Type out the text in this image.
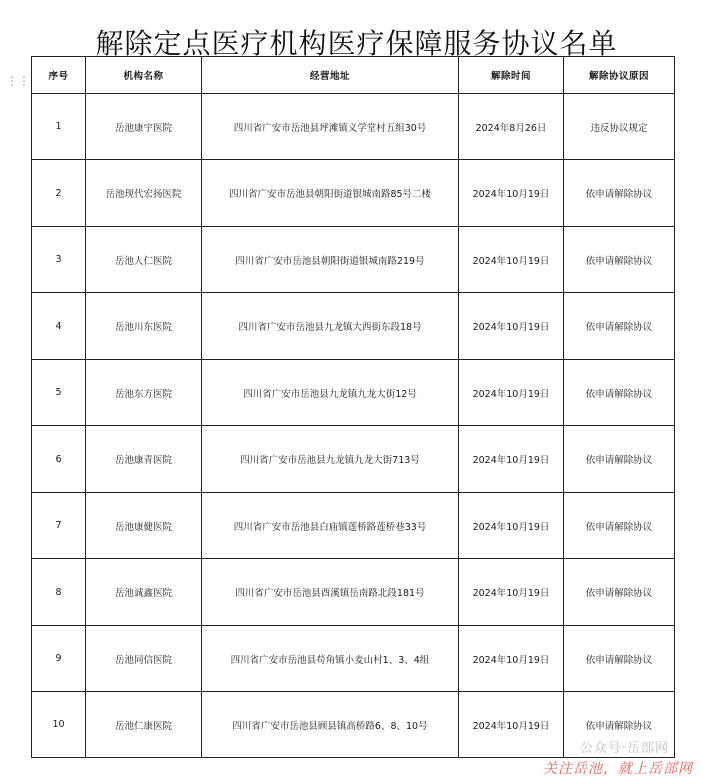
解除定点医疗机构医疗保障服务协议名单
⋮⋮ 序号	机构名称	经营地址	解除时间	解除协议原因
1	岳池康宇医院	四川省广安市岳池县坪滩镇义学堂村五组30号	2024年8月26日	违反协议规定
2	岳池现代宏扬医院	四川省广安市岳池县朝阳街道银城南路85号二楼	2024年10月19日	依申请解除协议
3	岳池人仁医院	四川省广安市岳池县朝阳街道银城南路219号	2024年10月19日	依申请解除协议
4	岳池川东医院	四川省广安市岳池县九龙镇大西街东段18号	2024年10月19日	依申请解除协议
5	岳池东方医院	四川省广安市岳池县九龙镇九龙大街12号	2024年10月19日	依申请解除协议
6	岳池康青医院	四川省广安市岳池县九龙镇九龙大街713号	2024年10月19日	依申请解除协议
7	岳池康健医院	四川省广安市岳池县白庙镇莲桥路莲桥巷33号	2024年10月19日	依申请解除协议
8	岳池诚鑫医院	四川省广安市岳池县酉溪镇岳南路北段181号	2024年10月19日	依申请解除协议
9	岳池同信医院	四川省广安市岳池县苟角镇小麦山村1、3、4组	2024年10月19日	依申请解除协议
10	岳池仁康医院	四川省广安市岳池县顾县镇高桥路6、8、10号	2024年10月19日	依申请解除协议
公众号·岳部网
关注岳池，就上岳部网
